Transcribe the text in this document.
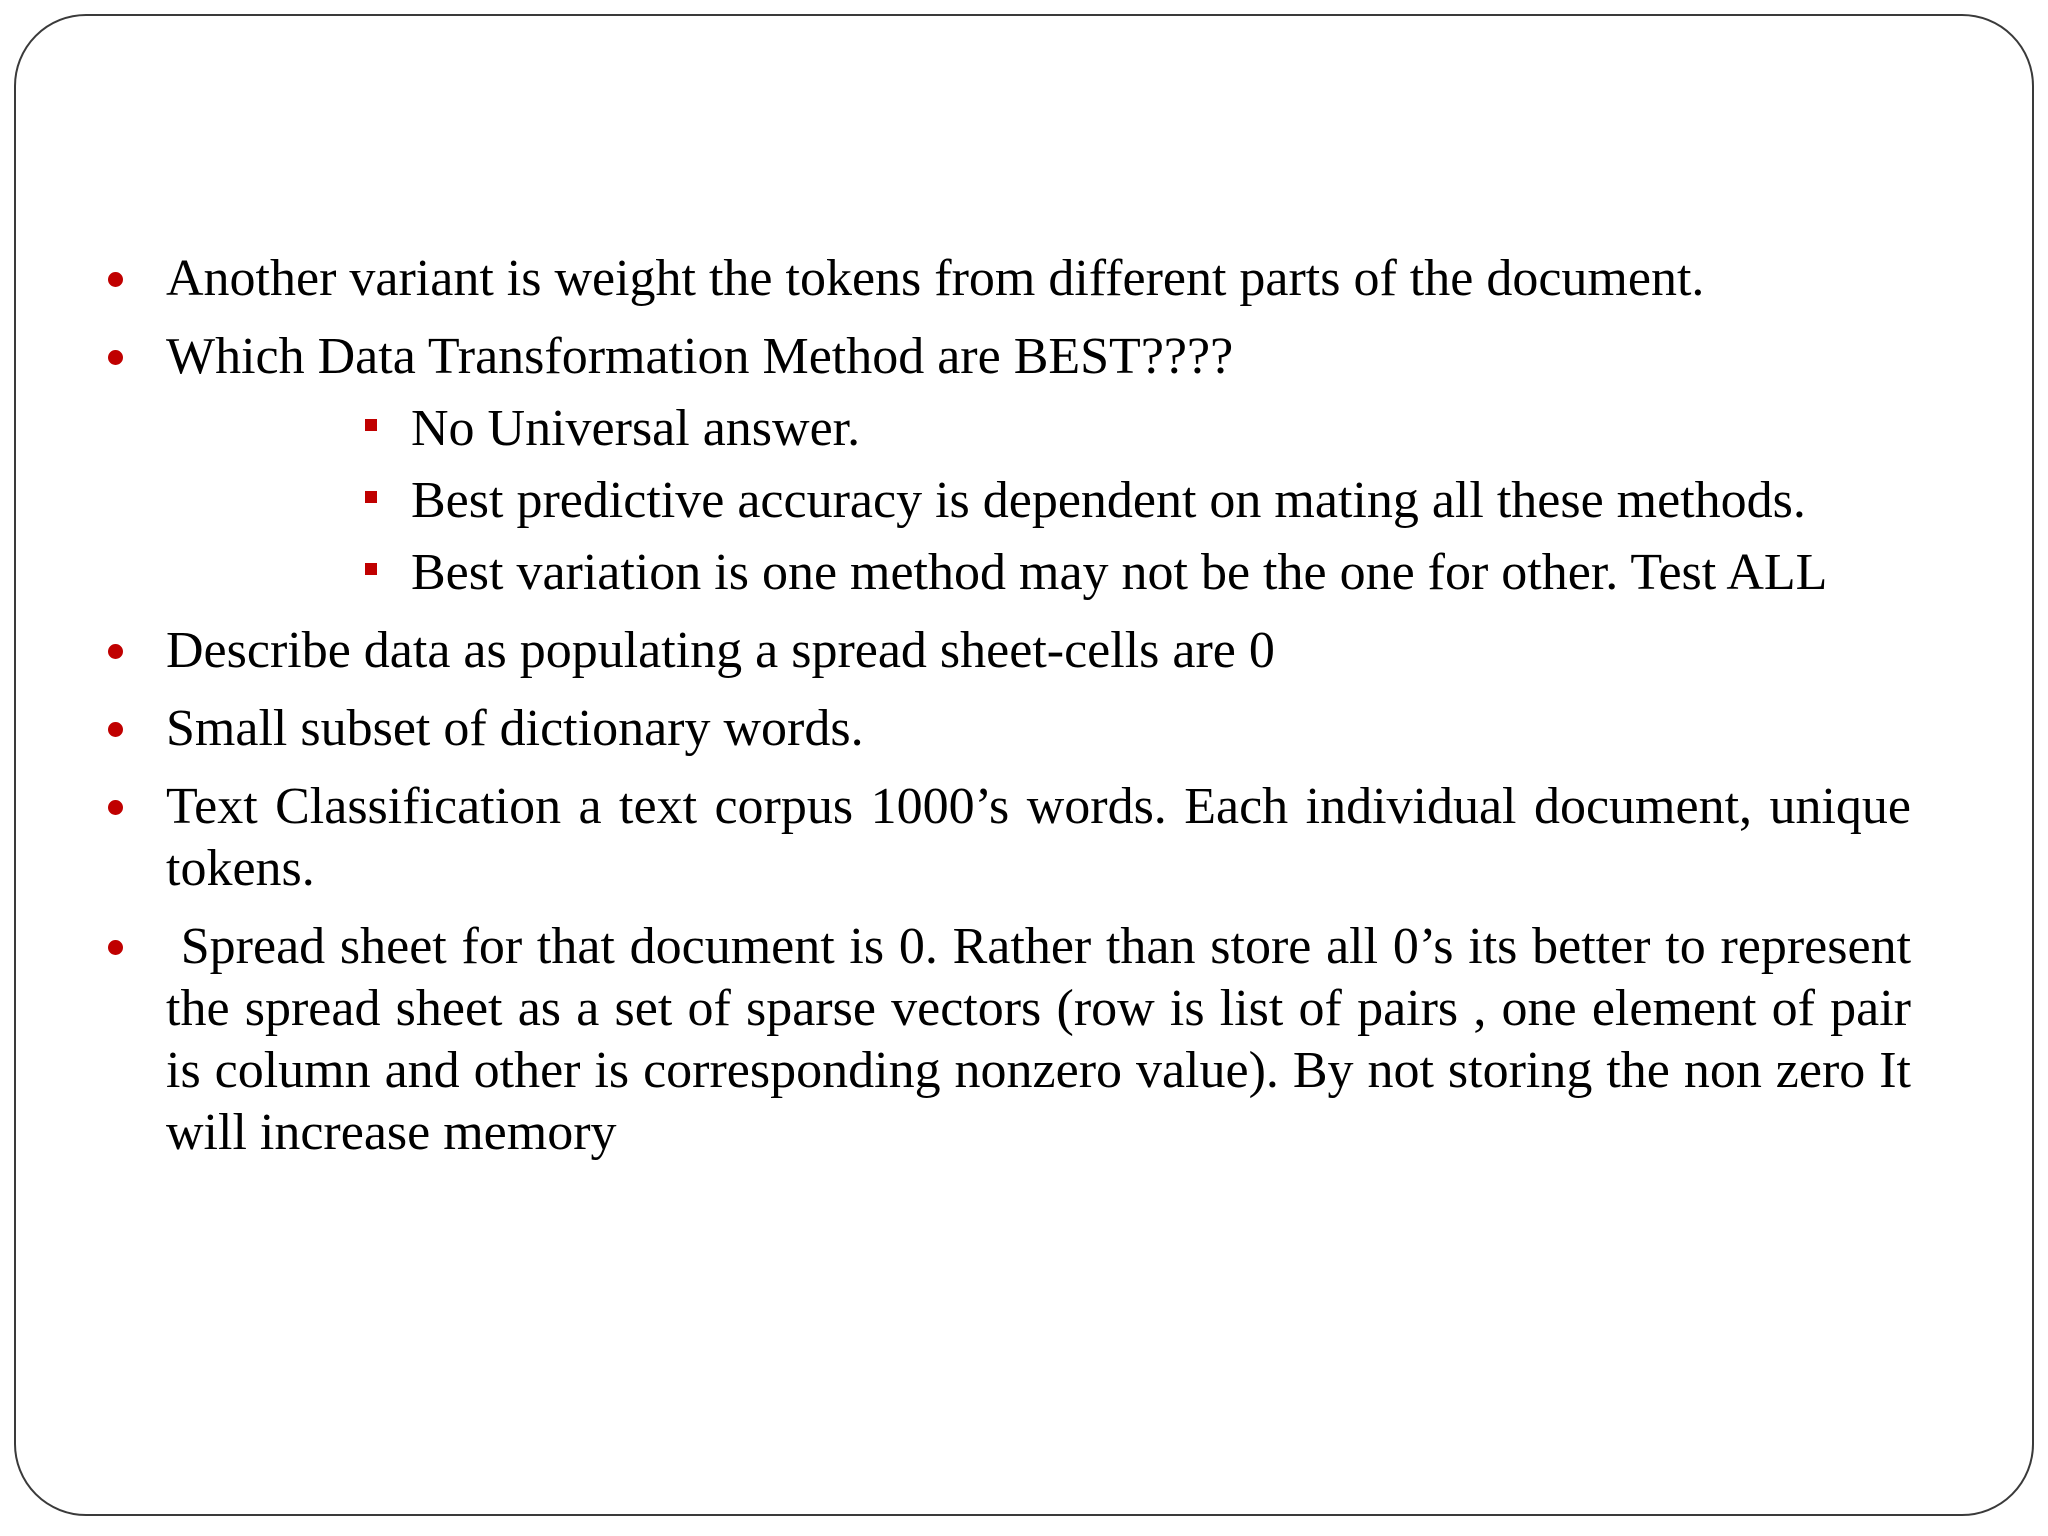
Another variant is weight the tokens from different parts of the document.
Which Data Transformation Method are BEST????
No Universal answer.
Best predictive accuracy is dependent on mating all these methods.
Best variation is one method may not be the one for other. Test ALL
Describe data as populating a spread sheet-cells are 0
Small subset of dictionary words.
Text Classification a text corpus 1000’s words. Each individual document, unique tokens.
Spread sheet for that document is 0. Rather than store all 0’s its better to represent the spread sheet as a set of sparse vectors (row is list of pairs , one element of pair is column and other is corresponding nonzero value). By not storing the non zero It will increase memory
